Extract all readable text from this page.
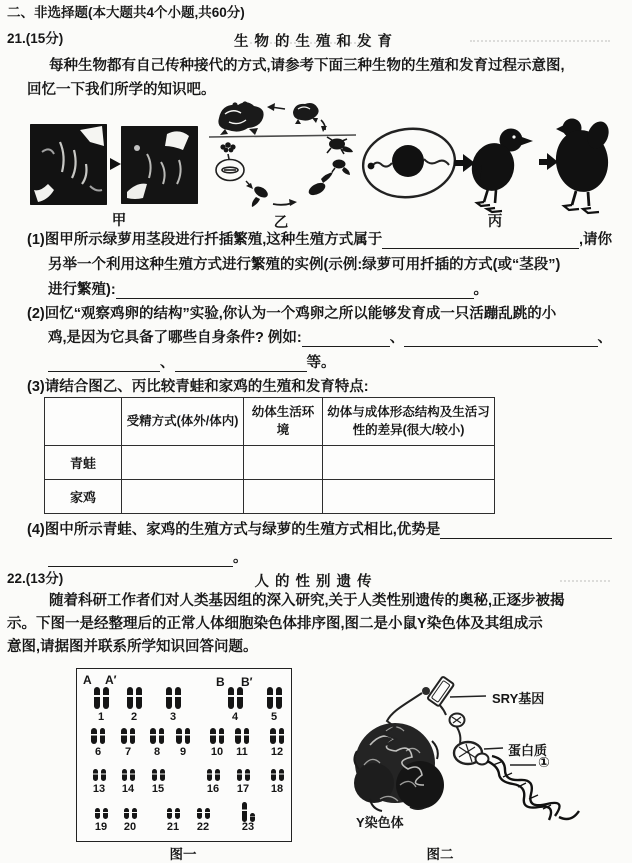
二、非选择题(本大题共4个小题,共60分)
21.(15分)	生物的生殖和发育
每种生物都有自己传种接代的方式,请参考下面三种生物的生殖和发育过程示意图,
回忆一下我们所学的知识吧。
甲	乙	丙
(1)图甲所示绿萝用茎段进行扦插繁殖,这种生殖方式属于	,请你
另举一个利用这种生殖方式进行繁殖的实例(示例:绿萝可用扦插的方式(或“茎段”)
进行繁殖):	。
(2)回忆“观察鸡卵的结构”实验,你认为一个鸡卵之所以能够发育成一只活蹦乱跳的小
鸡,是因为它具备了哪些自身条件? 例如:	、	、
、	等。
(3)请结合图乙、丙比较青蛙和家鸡的生殖和发育特点:
	受精方式(体外/体内)	幼体生活环境	幼体与成体形态结构及生活习性的差异(很大/较小)
青蛙			
家鸡			
(4)图中所示青蛙、家鸡的生殖方式与绿萝的生殖方式相比,优势是
。
22.(13分)	人的性别遗传
随着科研工作者们对人类基因组的深入研究,关于人类性别遗传的奥秘,正逐步被揭
示。下图一是经整理后的正常人体细胞染色体排序图,图二是小鼠Y染色体及其组成示
意图,请据图并联系所学知识回答问题。
1	2	3	4	5
6	7	8	9	10	11	12
13	14	15	16	17	18
19	20	21	22	23
A A′	B B′
图一
SRY基因
蛋白质
①
Y染色体
图二
